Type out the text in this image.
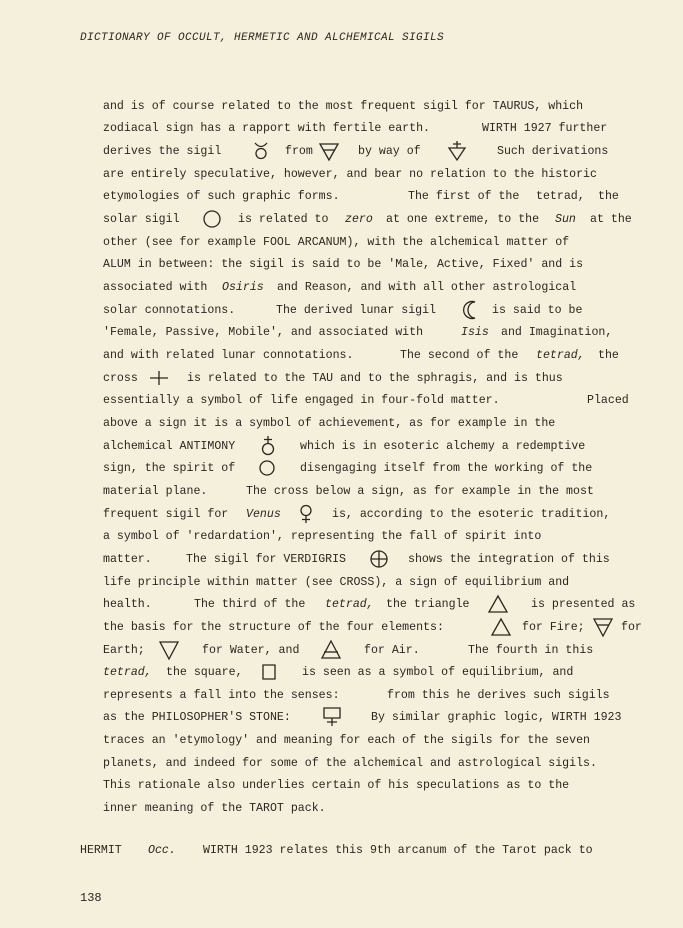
DICTIONARY OF OCCULT, HERMETIC AND ALCHEMICAL SIGILS
and is of course related to the most frequent sigil for TAURUS, which
zodiacal sign has a rapport with fertile earth.	WIRTH 1927 further
derives the sigil	from	by way of	Such derivations
are entirely speculative, however, and bear no relation to the historic
etymologies of such graphic forms.	The first of the tetrad, the
solar sigil	is related to zero at one extreme, to the Sun at the
other (see for example FOOL ARCANUM), with the alchemical matter of
ALUM in between: the sigil is said to be 'Male, Active, Fixed' and is
associated with Osiris and Reason, and with all other astrological
solar connotations.	The derived lunar sigil	is said to be
'Female, Passive, Mobile', and associated with	Isis and Imagination,
and with related lunar connotations.	The second of the tetrad, the
cross	is related to the TAU and to the sphragis, and is thus
essentially a symbol of life engaged in four-fold matter.	Placed
above a sign it is a symbol of achievement, as for example in the
alchemical ANTIMONY	which is in esoteric alchemy a redemptive
sign, the spirit of	disengaging itself from the working of the
material plane.	The cross below a sign, as for example in the most
frequent sigil for Venus	is, according to the esoteric tradition,
a symbol of 'redardation', representing the fall of spirit into
matter.	The sigil for VERDIGRIS	shows the integration of this
life principle within matter (see CROSS), a sign of equilibrium and
health.	The third of the tetrad, the triangle	is presented as
the basis for the structure of the four elements:	for Fire;	for
Earth;	for Water, and	for Air.	The fourth in this
tetrad, the square,	is seen as a symbol of equilibrium, and
represents a fall into the senses:	from this he derives such sigils
as the PHILOSOPHER'S STONE:	By similar graphic logic, WIRTH 1923
traces an 'etymology' and meaning for each of the sigils for the seven
planets, and indeed for some of the alchemical and astrological sigils.
This rationale also underlies certain of his speculations as to the
inner meaning of the TAROT pack.
HERMIT Occ. WIRTH 1923 relates this 9th arcanum of the Tarot pack to
138
